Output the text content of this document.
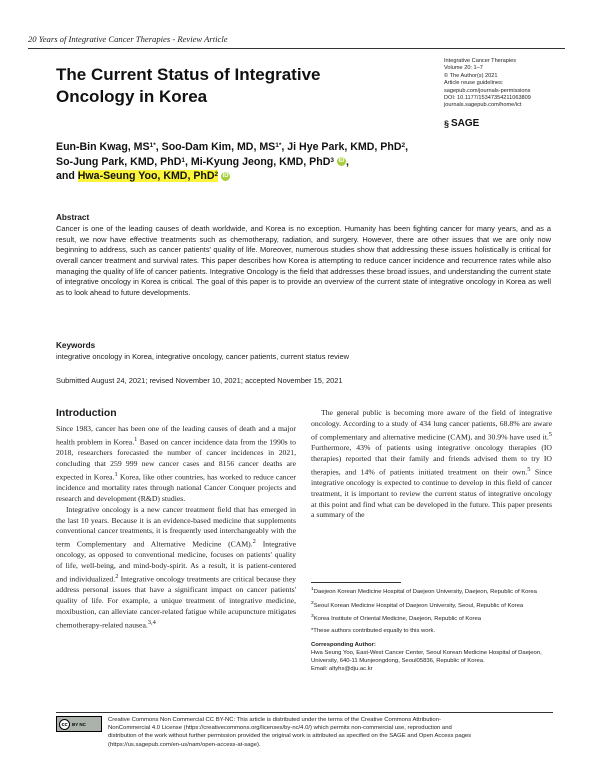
20 Years of Integrative Cancer Therapies - Review Article
The Current Status of Integrative
Oncology in Korea
Integrative Cancer Therapies
Volume 20: 1–7
© The Author(s) 2021
Article reuse guidelines:
sagepub.com/journals-permissions
DOI: 10.1177/15347354211063809
journals.sagepub.com/home/ict
§ SAGE
Eun-Bin Kwag, $MS^{1*}$, Soo-Dam Kim, MD, $MS^{1*}$, Ji Hye Park, KMD, PhD$^2$,
So-Jung Park, KMD, PhD$^1$, Mi-Kyung Jeong, KMD, PhD$^3$ iD ,
and Hwa-Seung Yoo, KMD, PhD$^2$ iD
Abstract
Cancer is one of the leading causes of death worldwide, and Korea is no exception. Humanity has been fighting cancer for many years, and as a result, we now have effective treatments such as chemotherapy, radiation, and surgery. However, there are other issues that we are only now beginning to address, such as cancer patients' quality of life. Moreover, numerous studies show that addressing these issues holistically is critical for overall cancer treatment and survival rates. This paper describes how Korea is attempting to reduce cancer incidence and recurrence rates while also managing the quality of life of cancer patients. Integrative Oncology is the field that addresses these broad issues, and understanding the current state of integrative oncology in Korea is critical. The goal of this paper is to provide an overview of the current state of integrative oncology in Korea as well as to look ahead to future developments.
Keywords
integrative oncology in Korea, integrative oncology, cancer patients, current status review
Submitted August 24, 2021; revised November 10, 2021; accepted November 15, 2021
Introduction

Since 1983, cancer has been one of the leading causes of death and a major health problem in Korea.$^1$ Based on cancer incidence data from the 1990s to 2018, researchers forecasted the number of cancer incidences in 2021, concluding that 259 999 new cancer cases and 8156 cancer deaths are expected in Korea.$^1$ Korea, like other countries, has worked to reduce cancer incidence and mortality rates through national Cancer Conquer projects and research and development (R&D) studies.

Integrative oncology is a new cancer treatment field that has emerged in the last 10 years. Because it is an evidence-based medicine that supplements conventional cancer treatments, it is frequently used interchangeably with the term Complementary and Alternative Medicine (CAM).$^2$ Integrative oncology, as opposed to conventional medicine, focuses on patients' quality of life, well-being, and mind-body-spirit. As a result, it is patient-centered and individualized.$^2$ Integrative oncology treatments are critical because they address personal issues that have a significant impact on cancer patients' quality of life. For example, a unique treatment of integrative medicine, moxibustion, can alleviate cancer-related fatigue while acupuncture mitigates chemotherapy-related nausea.$^{3,4}$

The general public is becoming more aware of the field of integrative oncology. According to a study of 434 lung cancer patients, 68.8% are aware of complementary and alternative medicine (CAM), and 30.9% have used it.$^5$ Furthermore, 43% of patients using integrative oncology therapies (IO therapies) reported that their family and friends advised them to try IO therapies, and 14% of patients initiated treatment on their own.$^5$ Since integrative oncology is expected to continue to develop in this field of cancer treatment, it is important to review the current status of integrative oncology at this point and find what can be developed in the future. This paper presents a summary of the

$^1$Daejeon Korean Medicine Hospital of Daejeon University, Daejeon, Republic of Korea
$^2$Seoul Korean Medicine Hospital of Daejeon University, Seoul, Republic of Korea
$^3$Korea Institute of Oriental Medicine, Daejeon, Republic of Korea
*These authors contributed equally to this work.
Corresponding Author:
Hwa Seung Yoo, East-West Cancer Center, Seoul Korean Medicine Hospital of Daejeon, University, 640-11 Munjeongdong, Seoul05836, Republic of Korea.
Email: altyhs@dju.ac.kr
cc BY NC
Creative Commons Non Commercial CC BY-NC: This article is distributed under the terms of the Creative Commons Attribution-
NonCommercial 4.0 License (https://creativecommons.org/licenses/by-nc/4.0/) which permits non-commercial use, reproduction and
distribution of the work without further permission provided the original work is attributed as specified on the SAGE and Open Access pages
(https://us.sagepub.com/en-us/nam/open-access-at-sage).
